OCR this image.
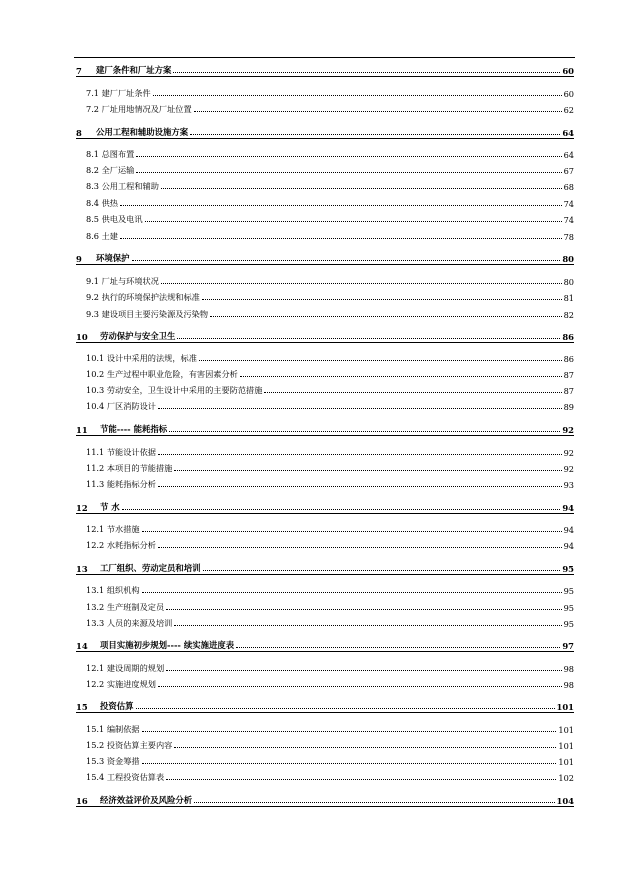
7	建厂条件和厂址方案	60
7.1 建厂厂址条件	60
7.2 厂址用地情况及厂址位置	62
8	公用工程和辅助设施方案	64
8.1 总图布置	64
8.2 全厂运输	67
8.3 公用工程和辅助	68
8.4 供热	74
8.5 供电及电讯	74
8.6 土建	78
9	环境保护	80
9.1 厂址与环境状况	80
9.2 执行的环境保护法规和标准	81
9.3 建设项目主要污染源及污染物	82
10	劳动保护与安全卫生	86
10.1 设计中采用的法规，标准	86
10.2 生产过程中职业危险，有害因素分析	87
10.3 劳动安全，卫生设计中采用的主要防范措施	87
10.4 厂区消防设计	89
11	节能---- 能耗指标	92
11.1 节能设计依据	92
11.2 本项目的节能措施	92
11.3 能耗指标分析	93
12	节 水	94
12.1 节水措施	94
12.2 水耗指标分析	94
13	工厂组织、劳动定员和培训	95
13.1 组织机构	95
13.2 生产班制及定员	95
13.3 人员的来源及培训	95
14	项目实施初步规划---- 续实施进度表	97
12.1 建设周期的规划	98
12.2 实施进度规划	98
15	投资估算	101
15.1 编制依据	101
15.2 投资估算主要内容	101
15.3 资金筹措	101
15.4 工程投资估算表	102
16	经济效益评价及风险分析	104
